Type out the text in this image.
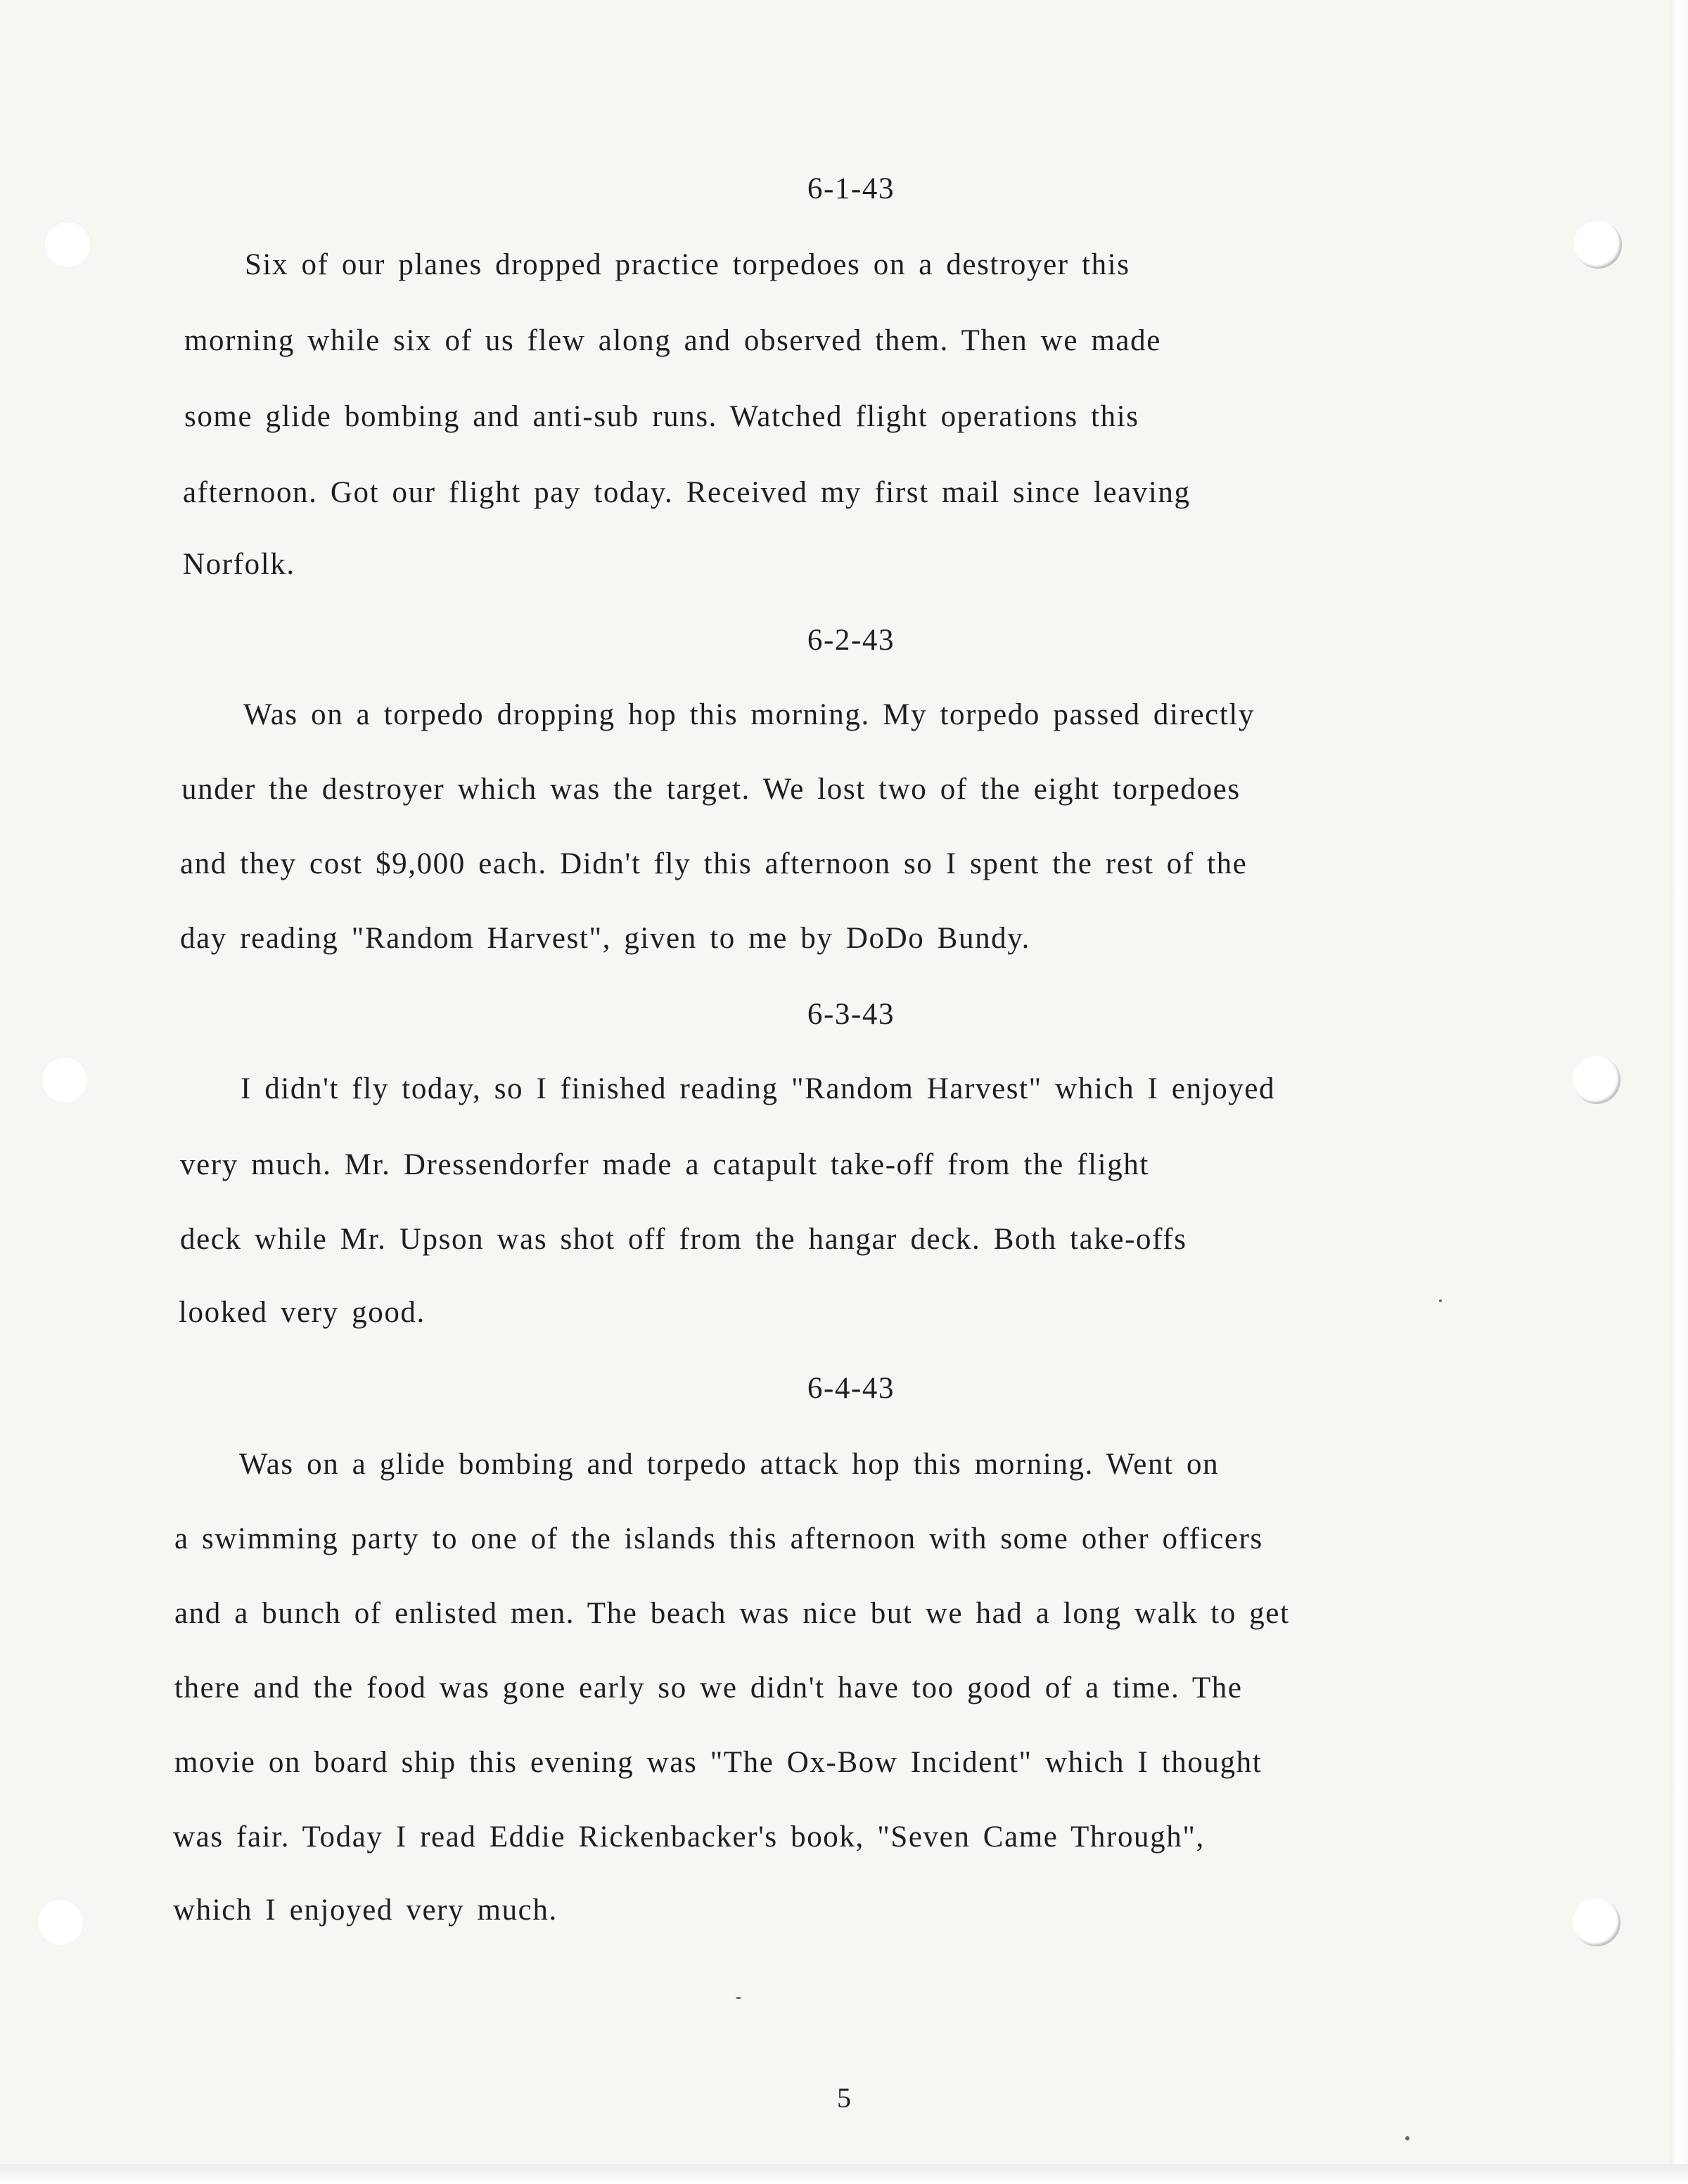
6-1-43
Six of our planes dropped practice torpedoes on a destroyer this
morning while six of us flew along and observed them. Then we made
some glide bombing and anti-sub runs. Watched flight operations this
afternoon. Got our flight pay today. Received my first mail since leaving
Norfolk.
6-2-43
Was on a torpedo dropping hop this morning. My torpedo passed directly
under the destroyer which was the target. We lost two of the eight torpedoes
and they cost $9,000 each. Didn't fly this afternoon so I spent the rest of the
day reading "Random Harvest", given to me by DoDo Bundy.
6-3-43
I didn't fly today, so I finished reading "Random Harvest" which I enjoyed
very much. Mr. Dressendorfer made a catapult take-off from the flight
deck while Mr. Upson was shot off from the hangar deck. Both take-offs
looked very good.
6-4-43
Was on a glide bombing and torpedo attack hop this morning. Went on
a swimming party to one of the islands this afternoon with some other officers
and a bunch of enlisted men. The beach was nice but we had a long walk to get
there and the food was gone early so we didn't have too good of a time. The
movie on board ship this evening was "The Ox-Bow Incident" which I thought
was fair. Today I read Eddie Rickenbacker's book, "Seven Came Through",
which I enjoyed very much.
5
